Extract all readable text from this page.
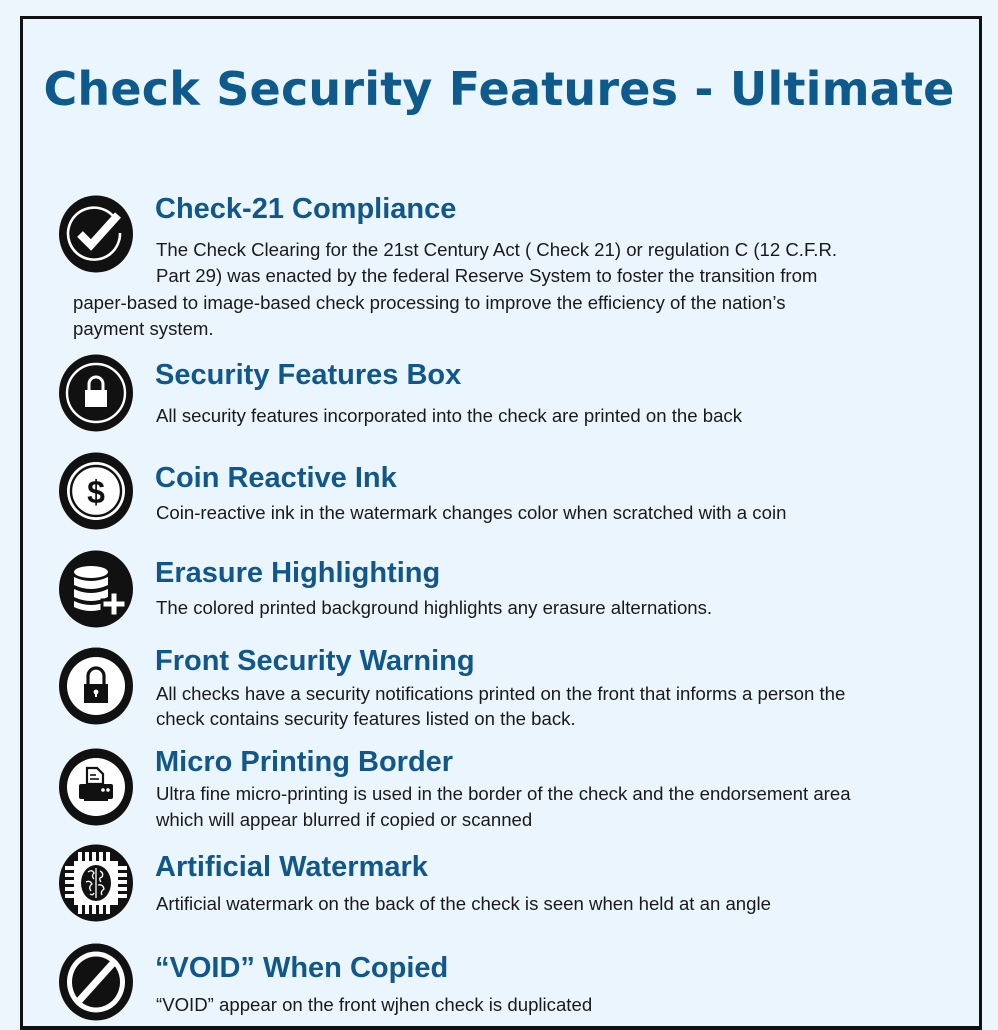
Check Security Features - Ultimate
Check-21 Compliance
The Check Clearing for the 21st Century Act ( Check 21) or regulation C (12 C.F.R.
Part 29) was enacted by the federal Reserve System to foster the transition from
paper-based to image-based check processing to improve the efficiency of the nation’s
payment system.
Security Features Box
All security features incorporated into the check are printed on the back
$ Coin Reactive Ink
Coin-reactive ink in the watermark changes color when scratched with a coin
Erasure Highlighting
The colored printed background highlights any erasure alternations.
Front Security Warning
All checks have a security notifications printed on the front that informs a person the
check contains security features listed on the back.
Micro Printing Border
Ultra fine micro-printing is used in the border of the check and the endorsement area
which will appear blurred if copied or scanned
Artificial Watermark
Artificial watermark on the back of the check is seen when held at an angle
“VOID” When Copied
“VOID” appear on the front wjhen check is duplicated
